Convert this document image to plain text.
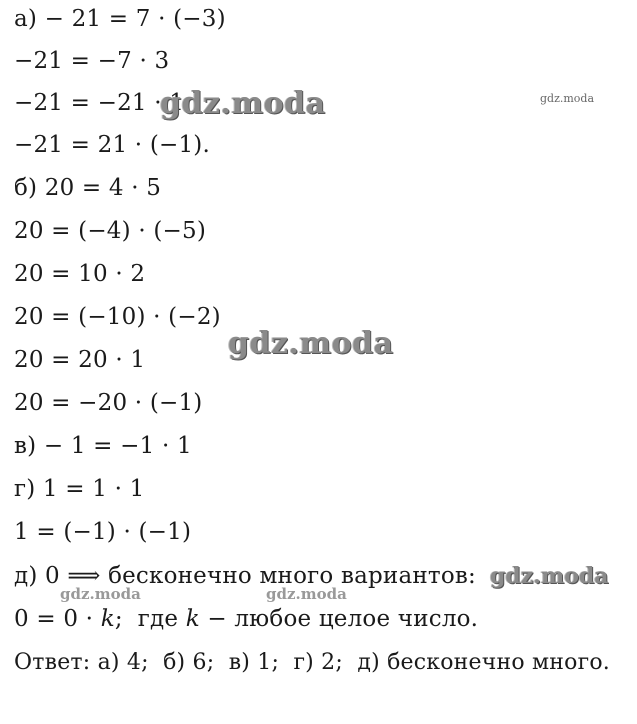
а) − 21 = 7 · (−3)
−21 = −7 · 3
−21 = −21 · 1
−21 = 21 · (−1).
б) 20 = 4 · 5
20 = (−4) · (−5)
20 = 10 · 2
20 = (−10) · (−2)
20 = 20 · 1
20 = −20 · (−1)
в) − 1 = −1 · 1
г) 1 = 1 · 1
1 = (−1) · (−1)
д) 0 ⟹ бесконечно много вариантов:
0 = 0 · 𝑘;  где 𝑘 − любое целое число.
Ответ: а) 4;  б) 6;  в) 1;  г) 2;  д) бесконечно много.
gdz.moda	gdz.moda
gdz.moda
gdz.moda
gdz.moda	gdz.moda
